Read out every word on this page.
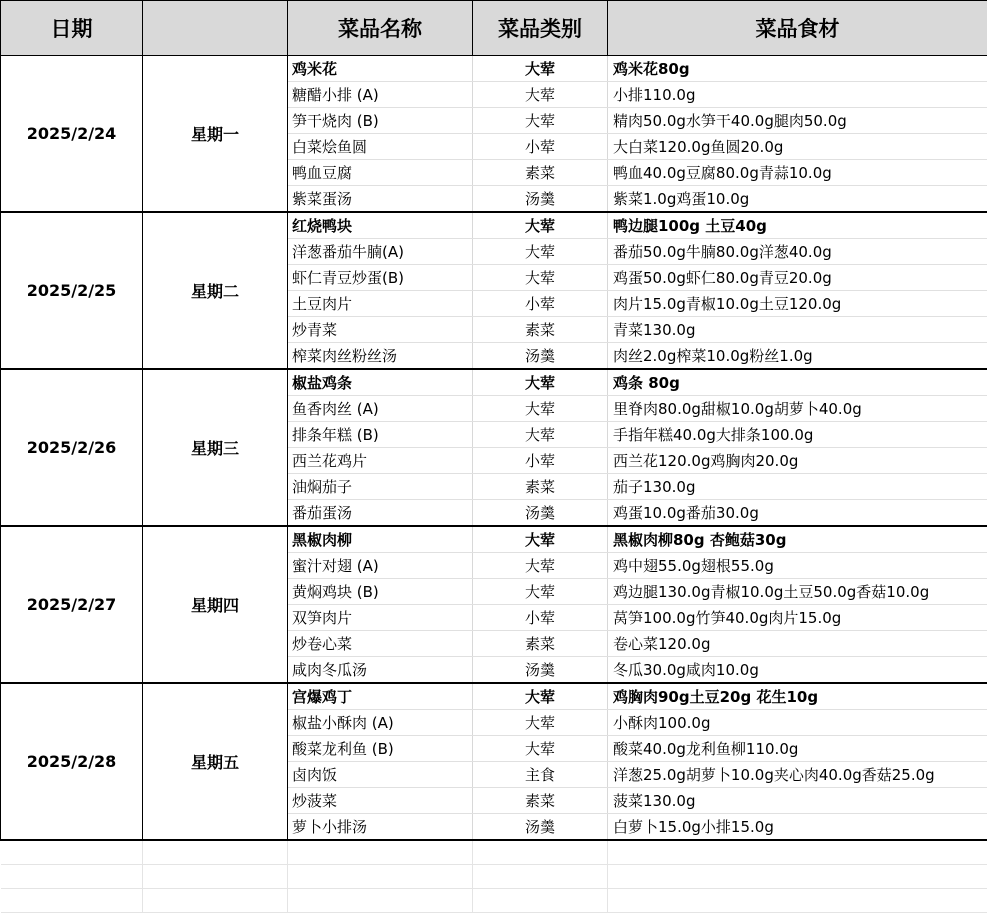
日期		菜品名称	菜品类别	菜品食材
2025/2/24	星期一	鸡米花	大荤	鸡米花80g
		糖醋小排 (A)	大荤	小排110.0g
		笋干烧肉 (B)	大荤	精肉50.0g水笋干40.0g腿肉50.0g
		白菜烩鱼圆	小荤	大白菜120.0g鱼圆20.0g
		鸭血豆腐	素菜	鸭血40.0g豆腐80.0g青蒜10.0g
		紫菜蛋汤	汤羹	紫菜1.0g鸡蛋10.0g
2025/2/25	星期二	红烧鸭块	大荤	鸭边腿100g 土豆40g
		洋葱番茄牛腩(A)	大荤	番茄50.0g牛腩80.0g洋葱40.0g
		虾仁青豆炒蛋(B)	大荤	鸡蛋50.0g虾仁80.0g青豆20.0g
		土豆肉片	小荤	肉片15.0g青椒10.0g土豆120.0g
		炒青菜	素菜	青菜130.0g
		榨菜肉丝粉丝汤	汤羹	肉丝2.0g榨菜10.0g粉丝1.0g
2025/2/26	星期三	椒盐鸡条	大荤	鸡条 80g
		鱼香肉丝 (A)	大荤	里脊肉80.0g甜椒10.0g胡萝卜40.0g
		排条年糕 (B)	大荤	手指年糕40.0g大排条100.0g
		西兰花鸡片	小荤	西兰花120.0g鸡胸肉20.0g
		油焖茄子	素菜	茄子130.0g
		番茄蛋汤	汤羹	鸡蛋10.0g番茄30.0g
2025/2/27	星期四	黑椒肉柳	大荤	黑椒肉柳80g 杏鲍菇30g
		蜜汁对翅 (A)	大荤	鸡中翅55.0g翅根55.0g
		黄焖鸡块 (B)	大荤	鸡边腿130.0g青椒10.0g土豆50.0g香菇10.0g
		双笋肉片	小荤	莴笋100.0g竹笋40.0g肉片15.0g
		炒卷心菜	素菜	卷心菜120.0g
		咸肉冬瓜汤	汤羹	冬瓜30.0g咸肉10.0g
2025/2/28	星期五	宫爆鸡丁	大荤	鸡胸肉90g土豆20g 花生10g
		椒盐小酥肉 (A)	大荤	小酥肉100.0g
		酸菜龙利鱼 (B)	大荤	酸菜40.0g龙利鱼柳110.0g
		卤肉饭	主食	洋葱25.0g胡萝卜10.0g夹心肉40.0g香菇25.0g
		炒菠菜	素菜	菠菜130.0g
		萝卜小排汤	汤羹	白萝卜15.0g小排15.0g
